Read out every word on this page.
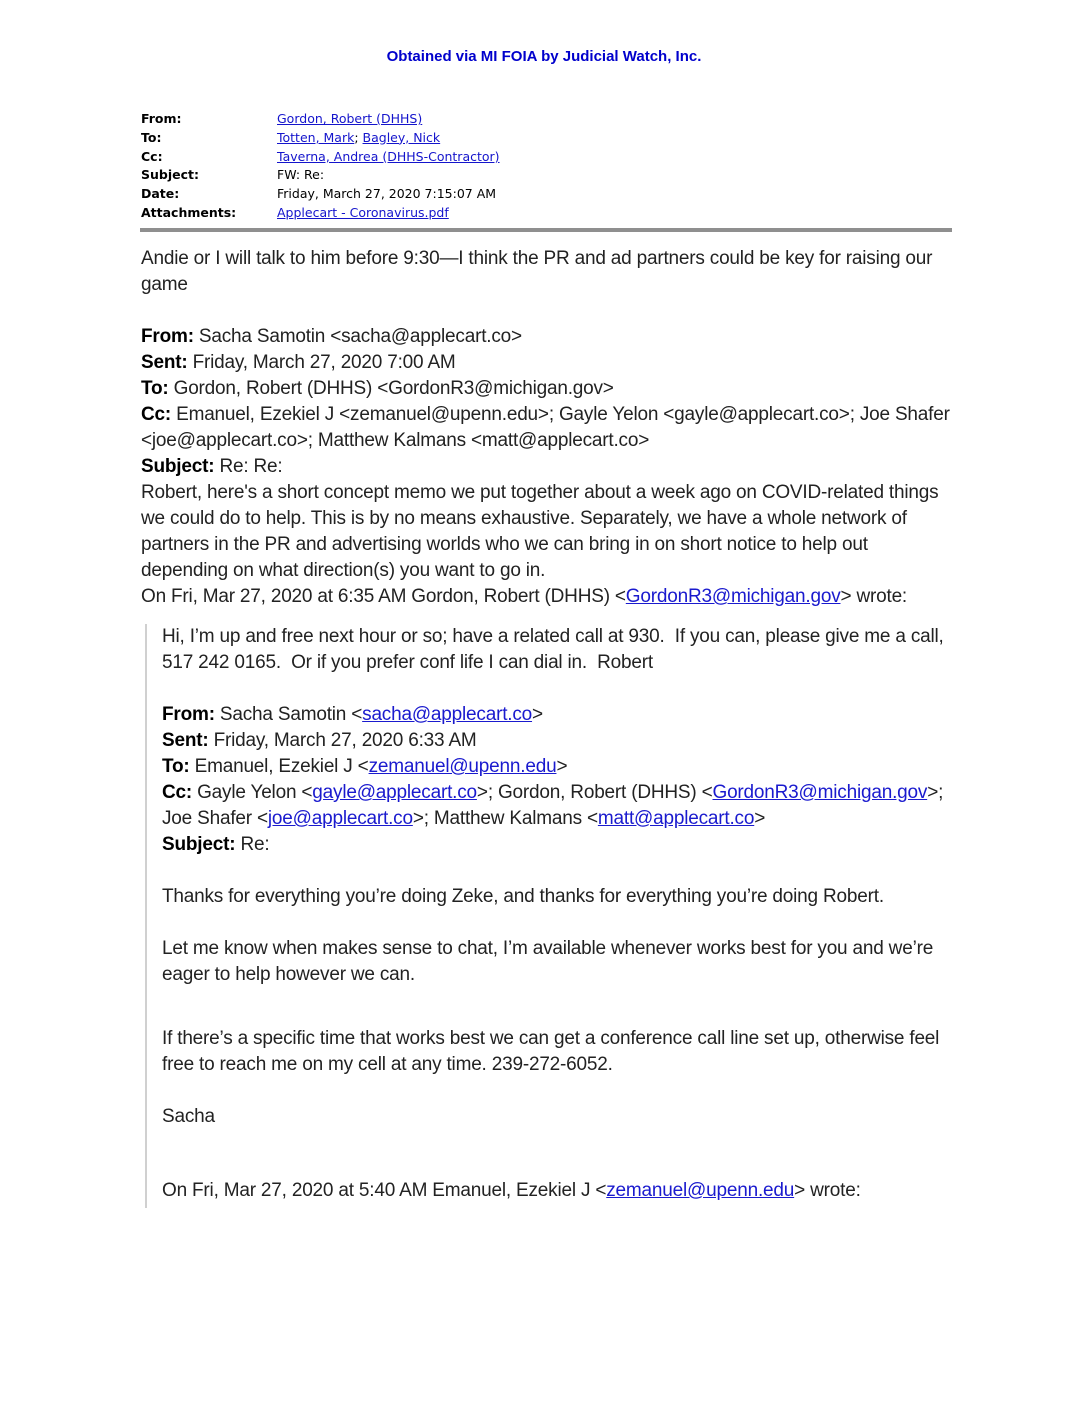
Obtained via MI FOIA by Judicial Watch, Inc.
From:	Gordon, Robert (DHHS)
To:	Totten, Mark; Bagley, Nick
Cc:	Taverna, Andrea (DHHS-Contractor)
Subject:	FW: Re:
Date:	Friday, March 27, 2020 7:15:07 AM
Attachments:	Applecart - Coronavirus.pdf

Andie or I will talk to him before 9:30—I think the PR and ad partners could be key for raising our game

From: Sacha Samotin <sacha@applecart.co>

Sent: Friday, March 27, 2020 7:00 AM

To: Gordon, Robert (DHHS) <GordonR3@michigan.gov>

Cc: Emanuel, Ezekiel J <zemanuel@upenn.edu>; Gayle Yelon <gayle@applecart.co>; Joe Shafer <joe@applecart.co>; Matthew Kalmans <matt@applecart.co>

Subject: Re: Re:

Robert, here's a short concept memo we put together about a week ago on COVID-related things we could do to help. This is by no means exhaustive. Separately, we have a whole network of partners in the PR and advertising worlds who we can bring in on short notice to help out depending on what direction(s) you want to go in.

On Fri, Mar 27, 2020 at 6:35 AM Gordon, Robert (DHHS) <GordonR3@michigan.gov> wrote:

Hi, I’m up and free next hour or so; have a related call at 930.  If you can, please give me a call, 517 242 0165.  Or if you prefer conf life I can dial in.  Robert

From: Sacha Samotin <sacha@applecart.co>

Sent: Friday, March 27, 2020 6:33 AM

To: Emanuel, Ezekiel J <zemanuel@upenn.edu>

Cc: Gayle Yelon <gayle@applecart.co>; Gordon, Robert (DHHS) <GordonR3@michigan.gov>; Joe Shafer <joe@applecart.co>; Matthew Kalmans <matt@applecart.co>

Subject: Re:

Thanks for everything you’re doing Zeke, and thanks for everything you’re doing Robert.

Let me know when makes sense to chat, I’m available whenever works best for you and we’re eager to help however we can.

If there’s a specific time that works best we can get a conference call line set up, otherwise feel free to reach me on my cell at any time. 239-272-6052.

Sacha

On Fri, Mar 27, 2020 at 5:40 AM Emanuel, Ezekiel J <zemanuel@upenn.edu> wrote:
